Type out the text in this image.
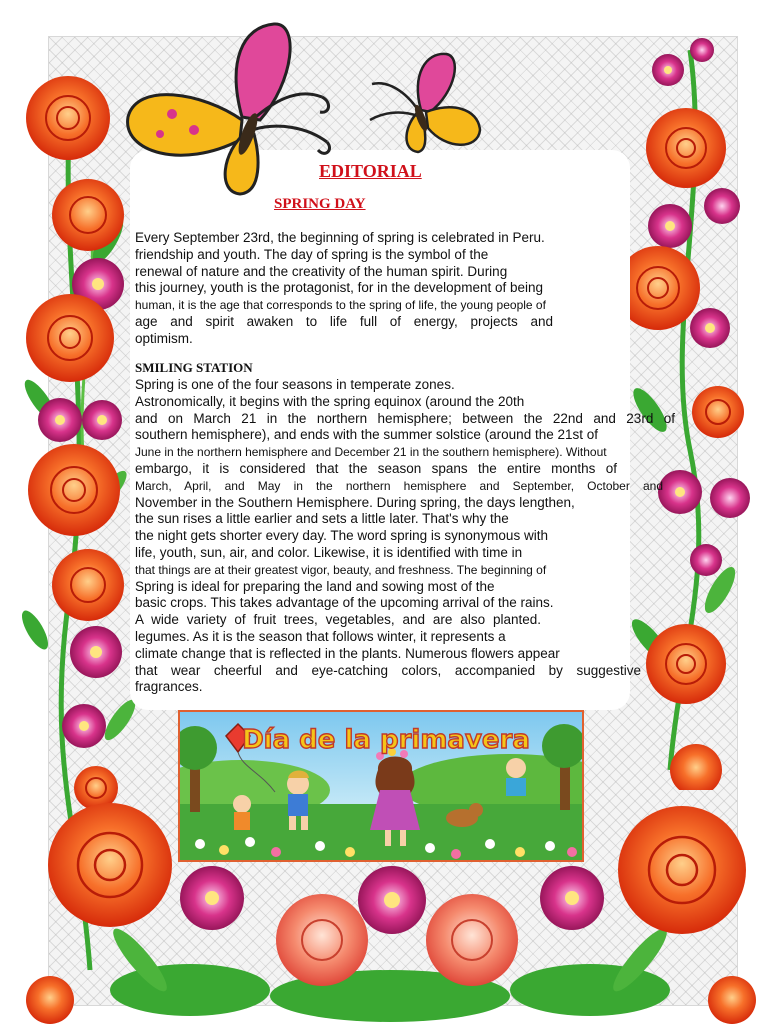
EDITORIAL
SPRING DAY
Every September 23rd, the beginning of spring is celebrated in Peru.
friendship and youth. The day of spring is the symbol of the
renewal of nature and the creativity of the human spirit. During
this journey, youth is the protagonist, for in the development of being
human, it is the age that corresponds to the spring of life, the young people of
age and spirit awaken to life full of energy, projects and
optimism.
SMILING STATION
Spring is one of the four seasons in temperate zones.
Astronomically, it begins with the spring equinox (around the 20th
and on March 21 in the northern hemisphere; between the 22nd and 23rd of
southern hemisphere), and ends with the summer solstice (around the 21st of
June in the northern hemisphere and December 21 in the southern hemisphere). Without
embargo, it is considered that the season spans the entire months of
March, April, and May in the northern hemisphere and September, October and
November in the Southern Hemisphere. During spring, the days lengthen,
the sun rises a little earlier and sets a little later. That's why the
the night gets shorter every day. The word spring is synonymous with
life, youth, sun, air, and color. Likewise, it is identified with time in
that things are at their greatest vigor, beauty, and freshness. The beginning of
Spring is ideal for preparing the land and sowing most of the
basic crops. This takes advantage of the upcoming arrival of the rains.
A wide variety of fruit trees, vegetables, and are also planted.
legumes. As it is the season that follows winter, it represents a
climate change that is reflected in the plants. Numerous flowers appear
that wear cheerful and eye-catching colors, accompanied by suggestive
fragrances.
Día de la primavera
